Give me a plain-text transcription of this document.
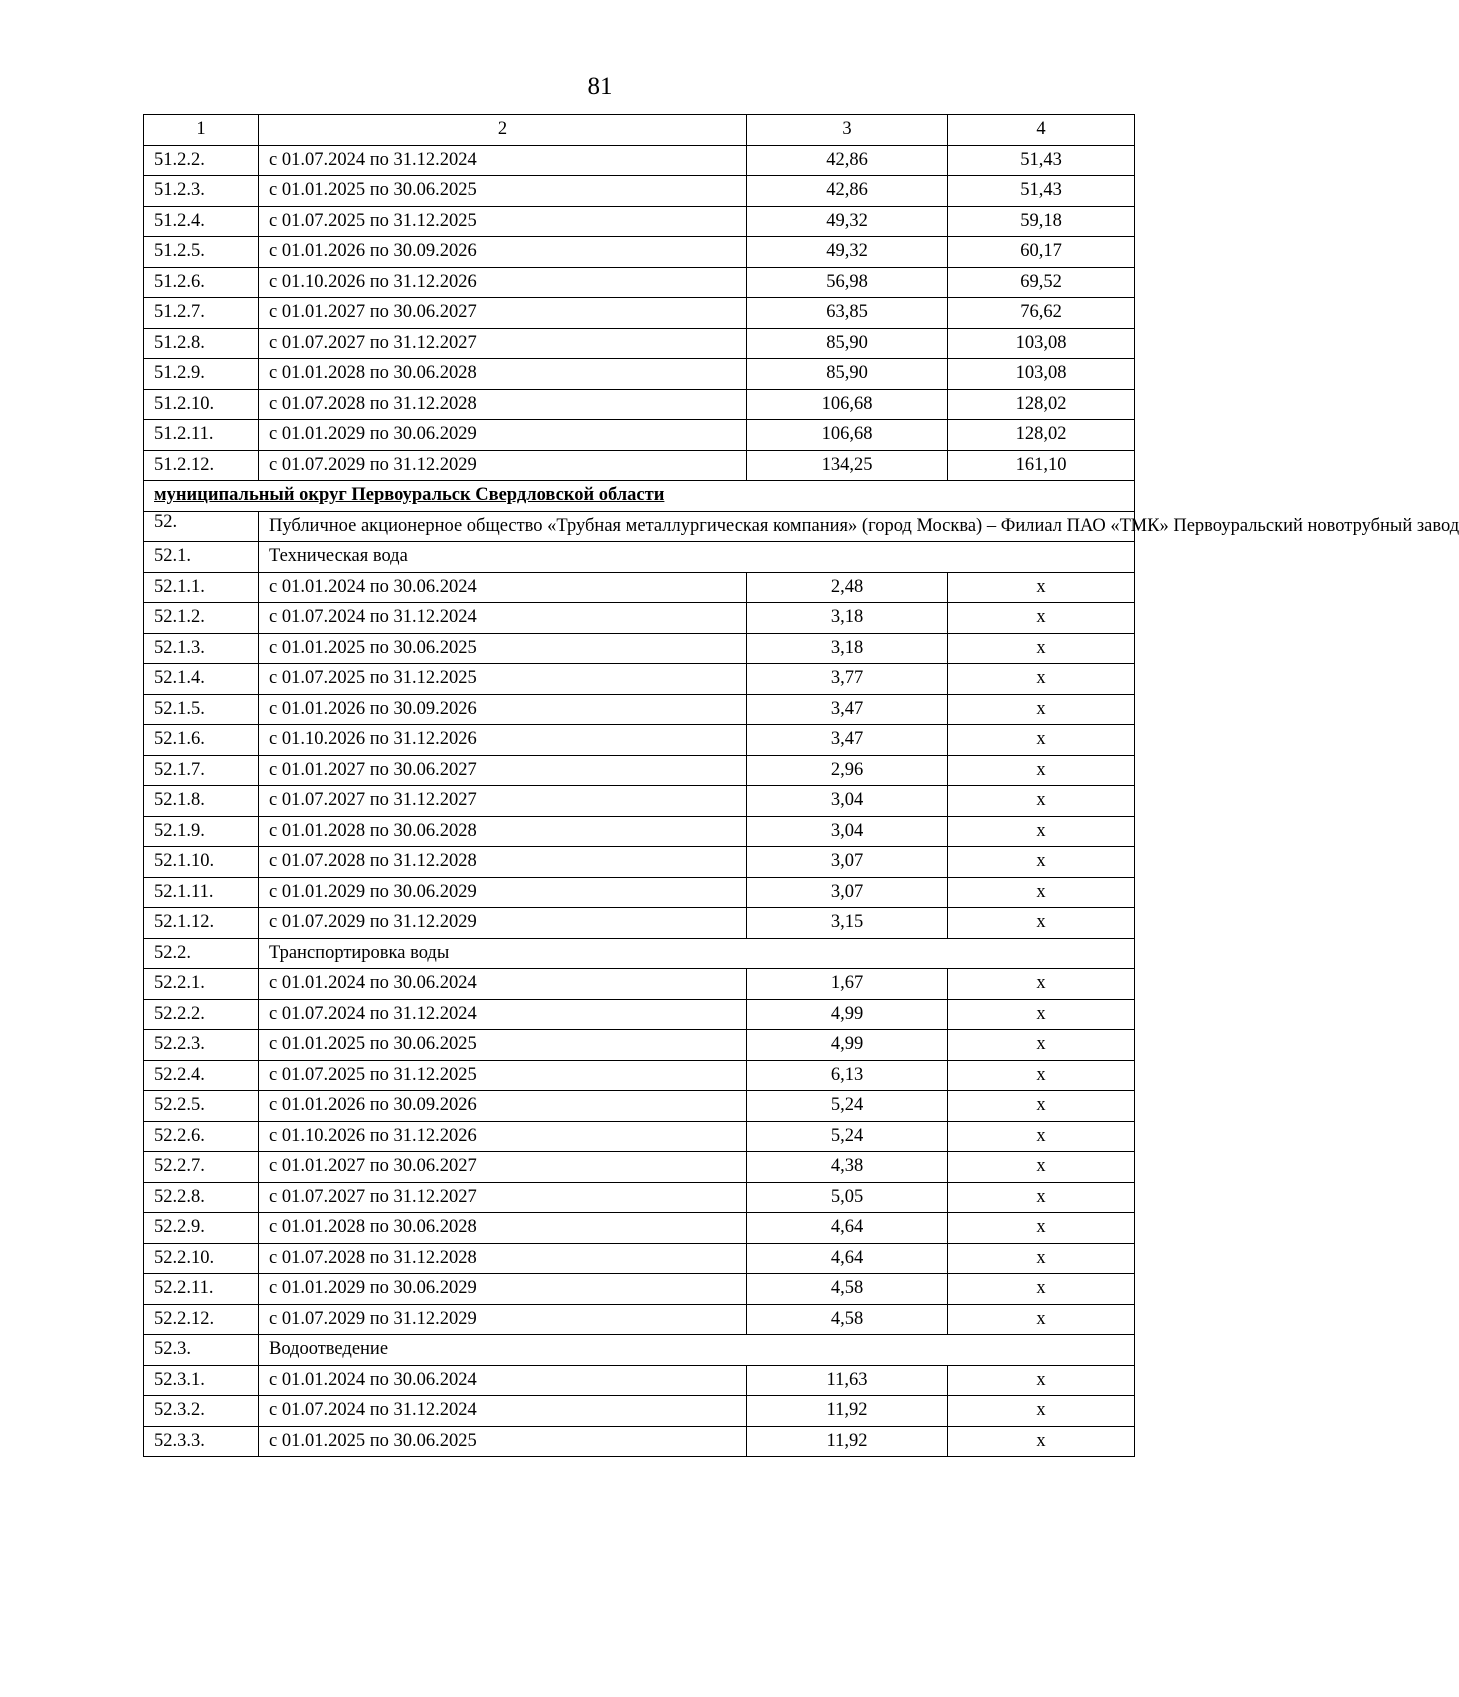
81
1	2	3	4
51.2.2.	с 01.07.2024 по 31.12.2024	42,86	51,43
51.2.3.	с 01.01.2025 по 30.06.2025	42,86	51,43
51.2.4.	с 01.07.2025 по 31.12.2025	49,32	59,18
51.2.5.	с 01.01.2026 по 30.09.2026	49,32	60,17
51.2.6.	с 01.10.2026 по 31.12.2026	56,98	69,52
51.2.7.	с 01.01.2027 по 30.06.2027	63,85	76,62
51.2.8.	с 01.07.2027 по 31.12.2027	85,90	103,08
51.2.9.	с 01.01.2028 по 30.06.2028	85,90	103,08
51.2.10.	с 01.07.2028 по 31.12.2028	106,68	128,02
51.2.11.	с 01.01.2029 по 30.06.2029	106,68	128,02
51.2.12.	с 01.07.2029 по 31.12.2029	134,25	161,10
муниципальный округ Первоуральск Свердловской области			
52.	Публичное акционерное общество «Трубная металлургическая компания» (город Москва) – Филиал ПАО «ТМК» Первоуральский новотрубный завод		
52.1.	Техническая вода		
52.1.1.	с 01.01.2024 по 30.06.2024	2,48	х
52.1.2.	с 01.07.2024 по 31.12.2024	3,18	х
52.1.3.	с 01.01.2025 по 30.06.2025	3,18	х
52.1.4.	с 01.07.2025 по 31.12.2025	3,77	х
52.1.5.	с 01.01.2026 по 30.09.2026	3,47	х
52.1.6.	с 01.10.2026 по 31.12.2026	3,47	х
52.1.7.	с 01.01.2027 по 30.06.2027	2,96	х
52.1.8.	с 01.07.2027 по 31.12.2027	3,04	х
52.1.9.	с 01.01.2028 по 30.06.2028	3,04	х
52.1.10.	с 01.07.2028 по 31.12.2028	3,07	х
52.1.11.	с 01.01.2029 по 30.06.2029	3,07	х
52.1.12.	с 01.07.2029 по 31.12.2029	3,15	х
52.2.	Транспортировка воды		
52.2.1.	с 01.01.2024 по 30.06.2024	1,67	х
52.2.2.	с 01.07.2024 по 31.12.2024	4,99	х
52.2.3.	с 01.01.2025 по 30.06.2025	4,99	х
52.2.4.	с 01.07.2025 по 31.12.2025	6,13	х
52.2.5.	с 01.01.2026 по 30.09.2026	5,24	х
52.2.6.	с 01.10.2026 по 31.12.2026	5,24	х
52.2.7.	с 01.01.2027 по 30.06.2027	4,38	х
52.2.8.	с 01.07.2027 по 31.12.2027	5,05	х
52.2.9.	с 01.01.2028 по 30.06.2028	4,64	х
52.2.10.	с 01.07.2028 по 31.12.2028	4,64	х
52.2.11.	с 01.01.2029 по 30.06.2029	4,58	х
52.2.12.	с 01.07.2029 по 31.12.2029	4,58	х
52.3.	Водоотведение		
52.3.1.	с 01.01.2024 по 30.06.2024	11,63	х
52.3.2.	с 01.07.2024 по 31.12.2024	11,92	х
52.3.3.	с 01.01.2025 по 30.06.2025	11,92	х
